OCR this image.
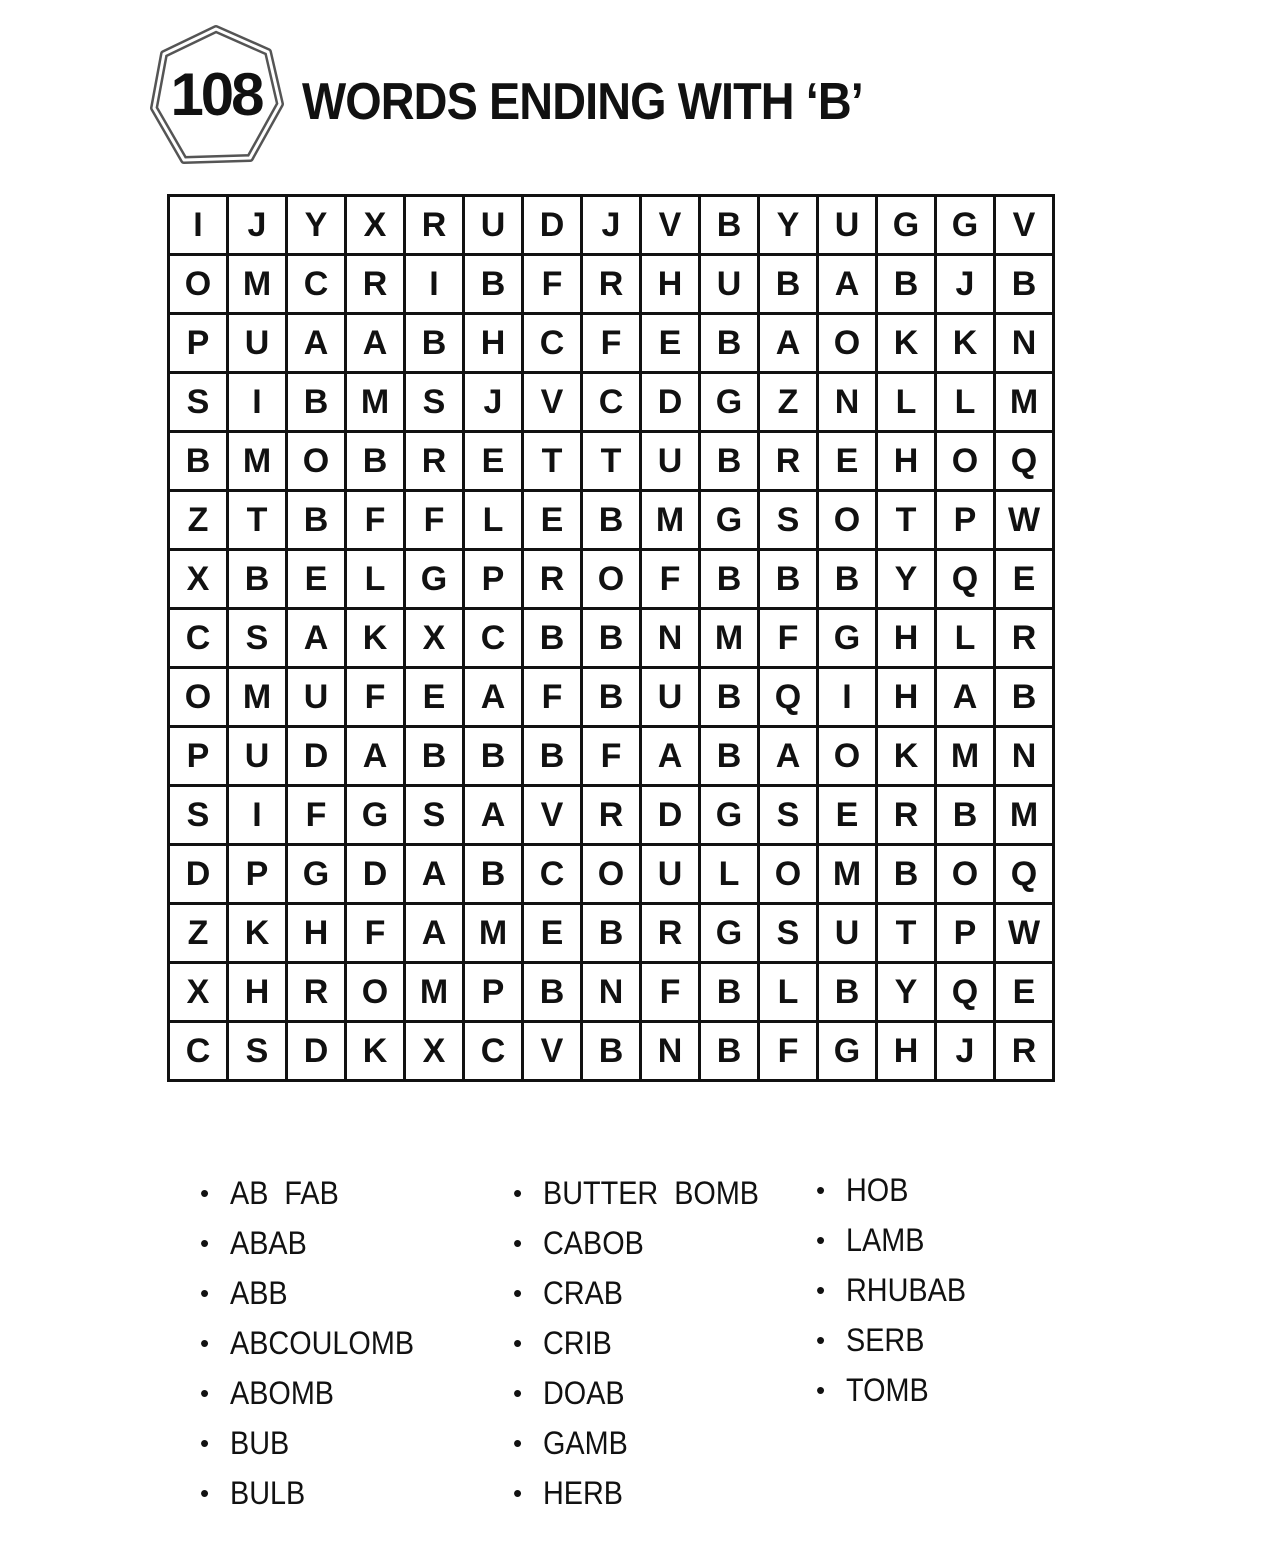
108 WORDS ENDING WITH ‘B’
I	J	Y	X	R	U	D	J	V	B	Y	U	G	G	V
O	M	C	R	I	B	F	R	H	U	B	A	B	J	B
P	U	A	A	B	H	C	F	E	B	A	O	K	K	N
S	I	B	M	S	J	V	C	D	G	Z	N	L	L	M
B	M	O	B	R	E	T	T	U	B	R	E	H	O	Q
Z	T	B	F	F	L	E	B	M	G	S	O	T	P	W
X	B	E	L	G	P	R	O	F	B	B	B	Y	Q	E
C	S	A	K	X	C	B	B	N	M	F	G	H	L	R
O	M	U	F	E	A	F	B	U	B	Q	I	H	A	B
P	U	D	A	B	B	B	F	A	B	A	O	K	M	N
S	I	F	G	S	A	V	R	D	G	S	E	R	B	M
D	P	G	D	A	B	C	O	U	L	O	M	B	O	Q
Z	K	H	F	A	M	E	B	R	G	S	U	T	P	W
X	H	R	O	M	P	B	N	F	B	L	B	Y	Q	E
C	S	D	K	X	C	V	B	N	B	F	G	H	J	R
• AB  FAB
• ABAB
• ABB
• ABCOULOMB
• ABOMB
• BUB
• BULB
• BUTTER  BOMB
• CABOB
• CRAB
• CRIB
• DOAB
• GAMB
• HERB
• HOB
• LAMB
• RHUBAB
• SERB
• TOMB
